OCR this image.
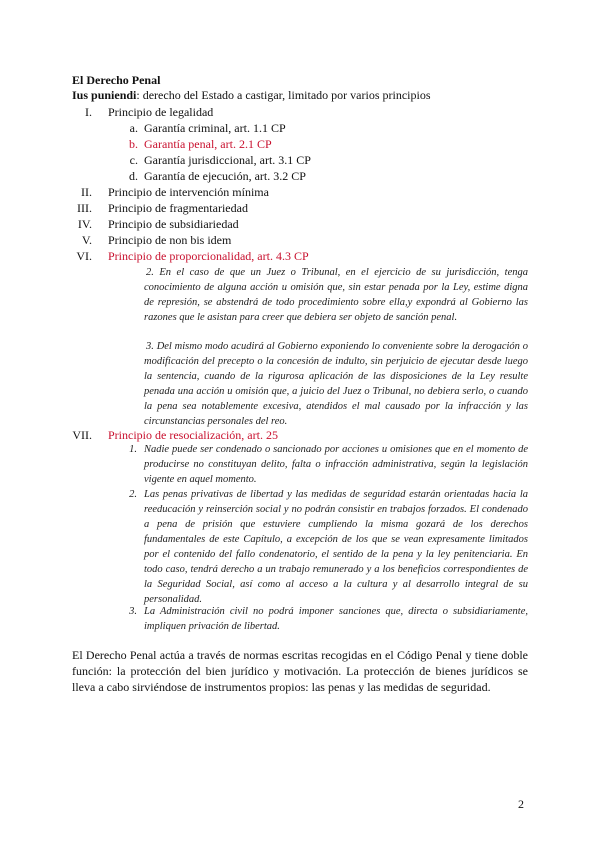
El Derecho Penal
Ius puniendi: derecho del Estado a castigar, limitado por varios principios
I. Principio de legalidad
a. Garantía criminal, art. 1.1 CP
b. Garantía penal, art. 2.1 CP
c. Garantía jurisdiccional, art. 3.1 CP
d. Garantía de ejecución, art. 3.2 CP
II. Principio de intervención mínima
III. Principio de fragmentariedad
IV. Principio de subsidiariedad
V. Principio de non bis idem
VI. Principio de proporcionalidad, art. 4.3 CP
2. En el caso de que un Juez o Tribunal, en el ejercicio de su jurisdicción, tenga conocimiento de alguna acción u omisión que, sin estar penada por la Ley, estime digna de represión, se abstendrá de todo procedimiento sobre ella,y expondrá al Gobierno las razones que le asistan para creer que debiera ser objeto de sanción penal.
3. Del mismo modo acudirá al Gobierno exponiendo lo conveniente sobre la derogación o modificación del precepto o la concesión de indulto, sin perjuicio de ejecutar desde luego la sentencia, cuando de la rigurosa aplicación de las disposiciones de la Ley resulte penada una acción u omisión que, a juicio del Juez o Tribunal, no debiera serlo, o cuando la pena sea notablemente excesiva, atendidos el mal causado por la infracción y las circunstancias personales del reo.
VII. Principio de resocialización, art. 25
1. Nadie puede ser condenado o sancionado por acciones u omisiones que en el momento de producirse no constituyan delito, falta o infracción administrativa, según la legislación vigente en aquel momento.
2. Las penas privativas de libertad y las medidas de seguridad estarán orientadas hacia la reeducación y reinserción social y no podrán consistir en trabajos forzados. El condenado a pena de prisión que estuviere cumpliendo la misma gozará de los derechos fundamentales de este Capítulo, a excepción de los que se vean expresamente limitados por el contenido del fallo condenatorio, el sentido de la pena y la ley penitenciaria. En todo caso, tendrá derecho a un trabajo remunerado y a los beneficios correspondientes de la Seguridad Social, así como al acceso a la cultura y al desarrollo integral de su personalidad.
3. La Administración civil no podrá imponer sanciones que, directa o subsidiariamente, impliquen privación de libertad.
El Derecho Penal actúa a través de normas escritas recogidas en el Código Penal y tiene doble función: la protección del bien jurídico y motivación. La protección de bienes jurídicos se lleva a cabo sirviéndose de instrumentos propios: las penas y las medidas de seguridad.
2
